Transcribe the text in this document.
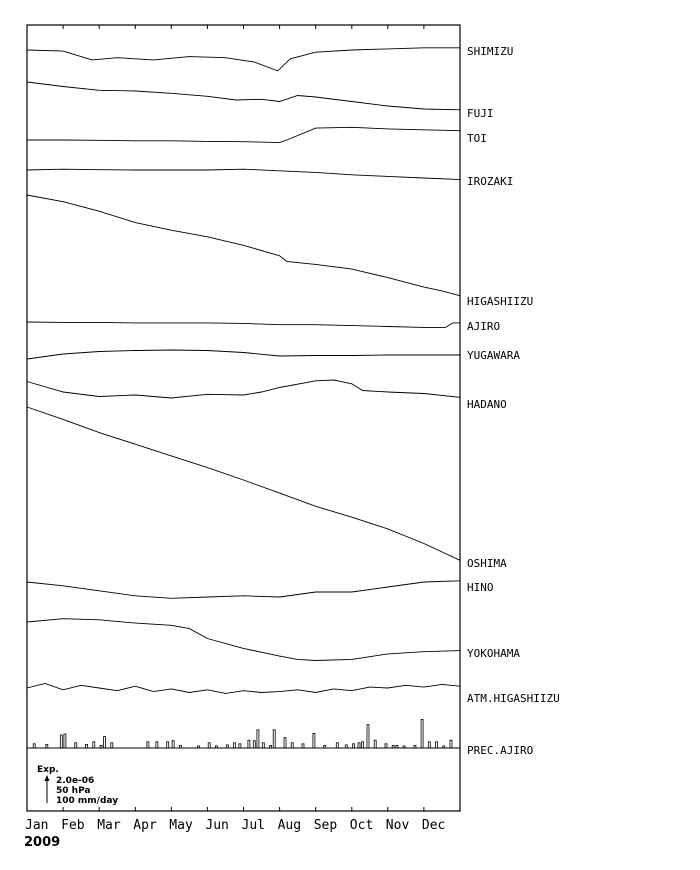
SHIMIZU
FUJI
TOI
IROZAKI
HIGASHIIZU
AJIRO
YUGAWARA
HADANO
OSHIMA
HINO
YOKOHAMA
ATM.HIGASHIIZU
PREC.AJIRO
Jan Feb Mar Apr May Jun Jul Aug Sep Oct Nov Dec
Exp.
2.0e-06
50 hPa
100 mm/day
2009
